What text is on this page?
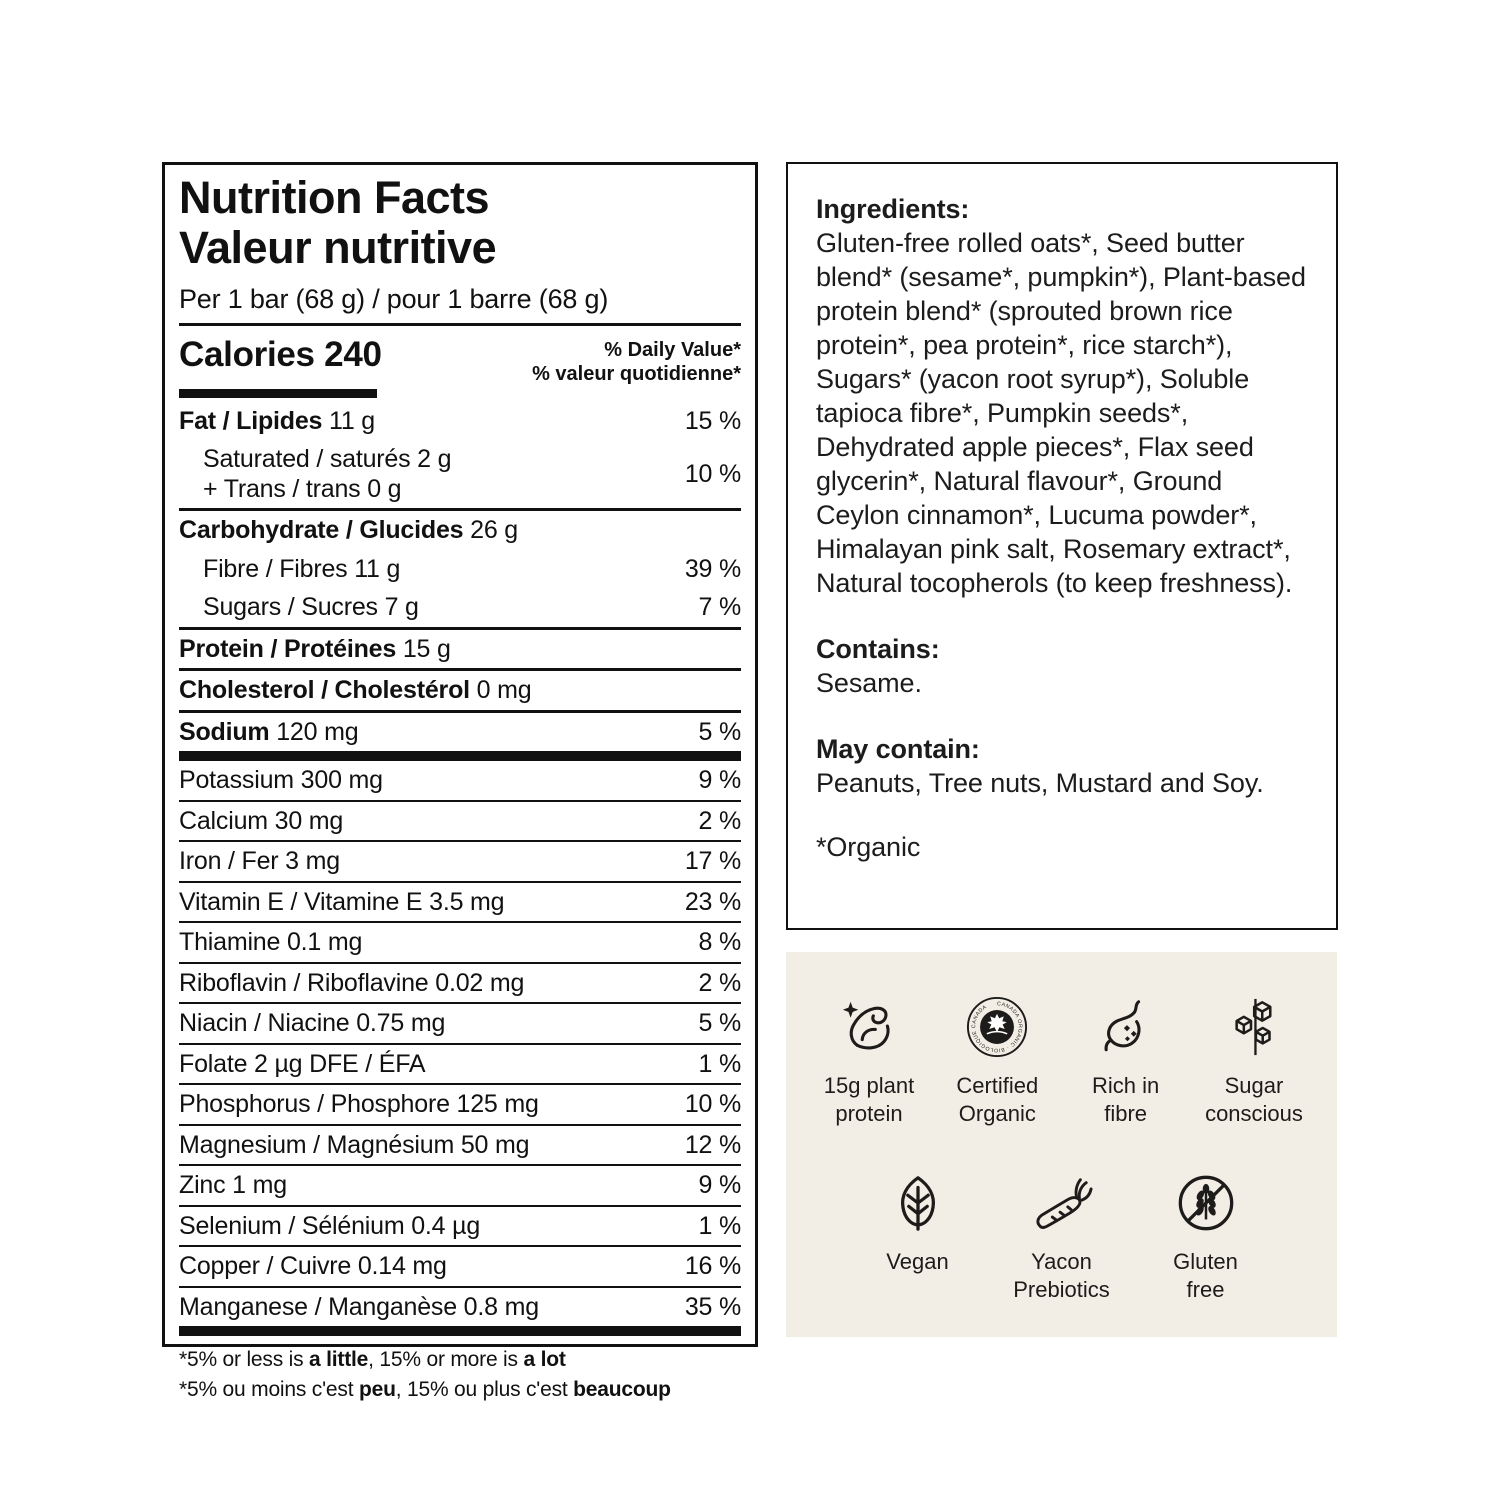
Nutrition Facts
Valeur nutritive
Per 1 bar (68 g) / pour 1 barre (68 g)
Calories 240	% Daily Value*
% valeur quotidienne*
Fat / Lipides 11 g	15 %
Saturated / saturés 2 g
+ Trans / trans 0 g
10 %
Carbohydrate / Glucides 26 g
Fibre / Fibres 11 g	39 %
Sugars / Sucres 7 g	7 %
Protein / Protéines 15 g
Cholesterol / Cholestérol 0 mg
Sodium 120 mg	5 %
Potassium 300 mg	9 %
Calcium 30 mg	2 %
Iron / Fer 3 mg	17 %
Vitamin E / Vitamine E 3.5 mg	23 %
Thiamine 0.1 mg	8 %
Riboflavin / Riboflavine 0.02 mg	2 %
Niacin / Niacine 0.75 mg	5 %
Folate 2 µg DFE / ÉFA	1 %
Phosphorus / Phosphore 125 mg	10 %
Magnesium / Magnésium 50 mg	12 %
Zinc 1 mg	9 %
Selenium / Sélénium 0.4 µg	1 %
Copper / Cuivre 0.14 mg	16 %
Manganese / Manganèse 0.8 mg	35 %
*5% or less is a little, 15% or more is a lot
*5% ou moins c'est peu, 15% ou plus c'est beaucoup
Ingredients:
Gluten-free rolled oats*, Seed butter blend* (sesame*, pumpkin*), Plant-based protein blend* (sprouted brown rice protein*, pea protein*, rice starch*), Sugars* (yacon root syrup*), Soluble tapioca fibre*, Pumpkin seeds*, Dehydrated apple pieces*, Flax seed glycerin*, Natural flavour*, Ground Ceylon cinnamon*, Lucuma powder*, Himalayan pink salt, Rosemary extract*, Natural tocopherols (to keep freshness).
Contains:
Sesame.
May contain:
Peanuts, Tree nuts, Mustard and Soy.
*Organic
15g plant
protein
CANADA ORGANIC · BIOLOGIQUE CANADA
Certified
Organic
Rich in
fibre
Sugar
conscious
Vegan	Yacon
Prebiotics
Gluten
free
